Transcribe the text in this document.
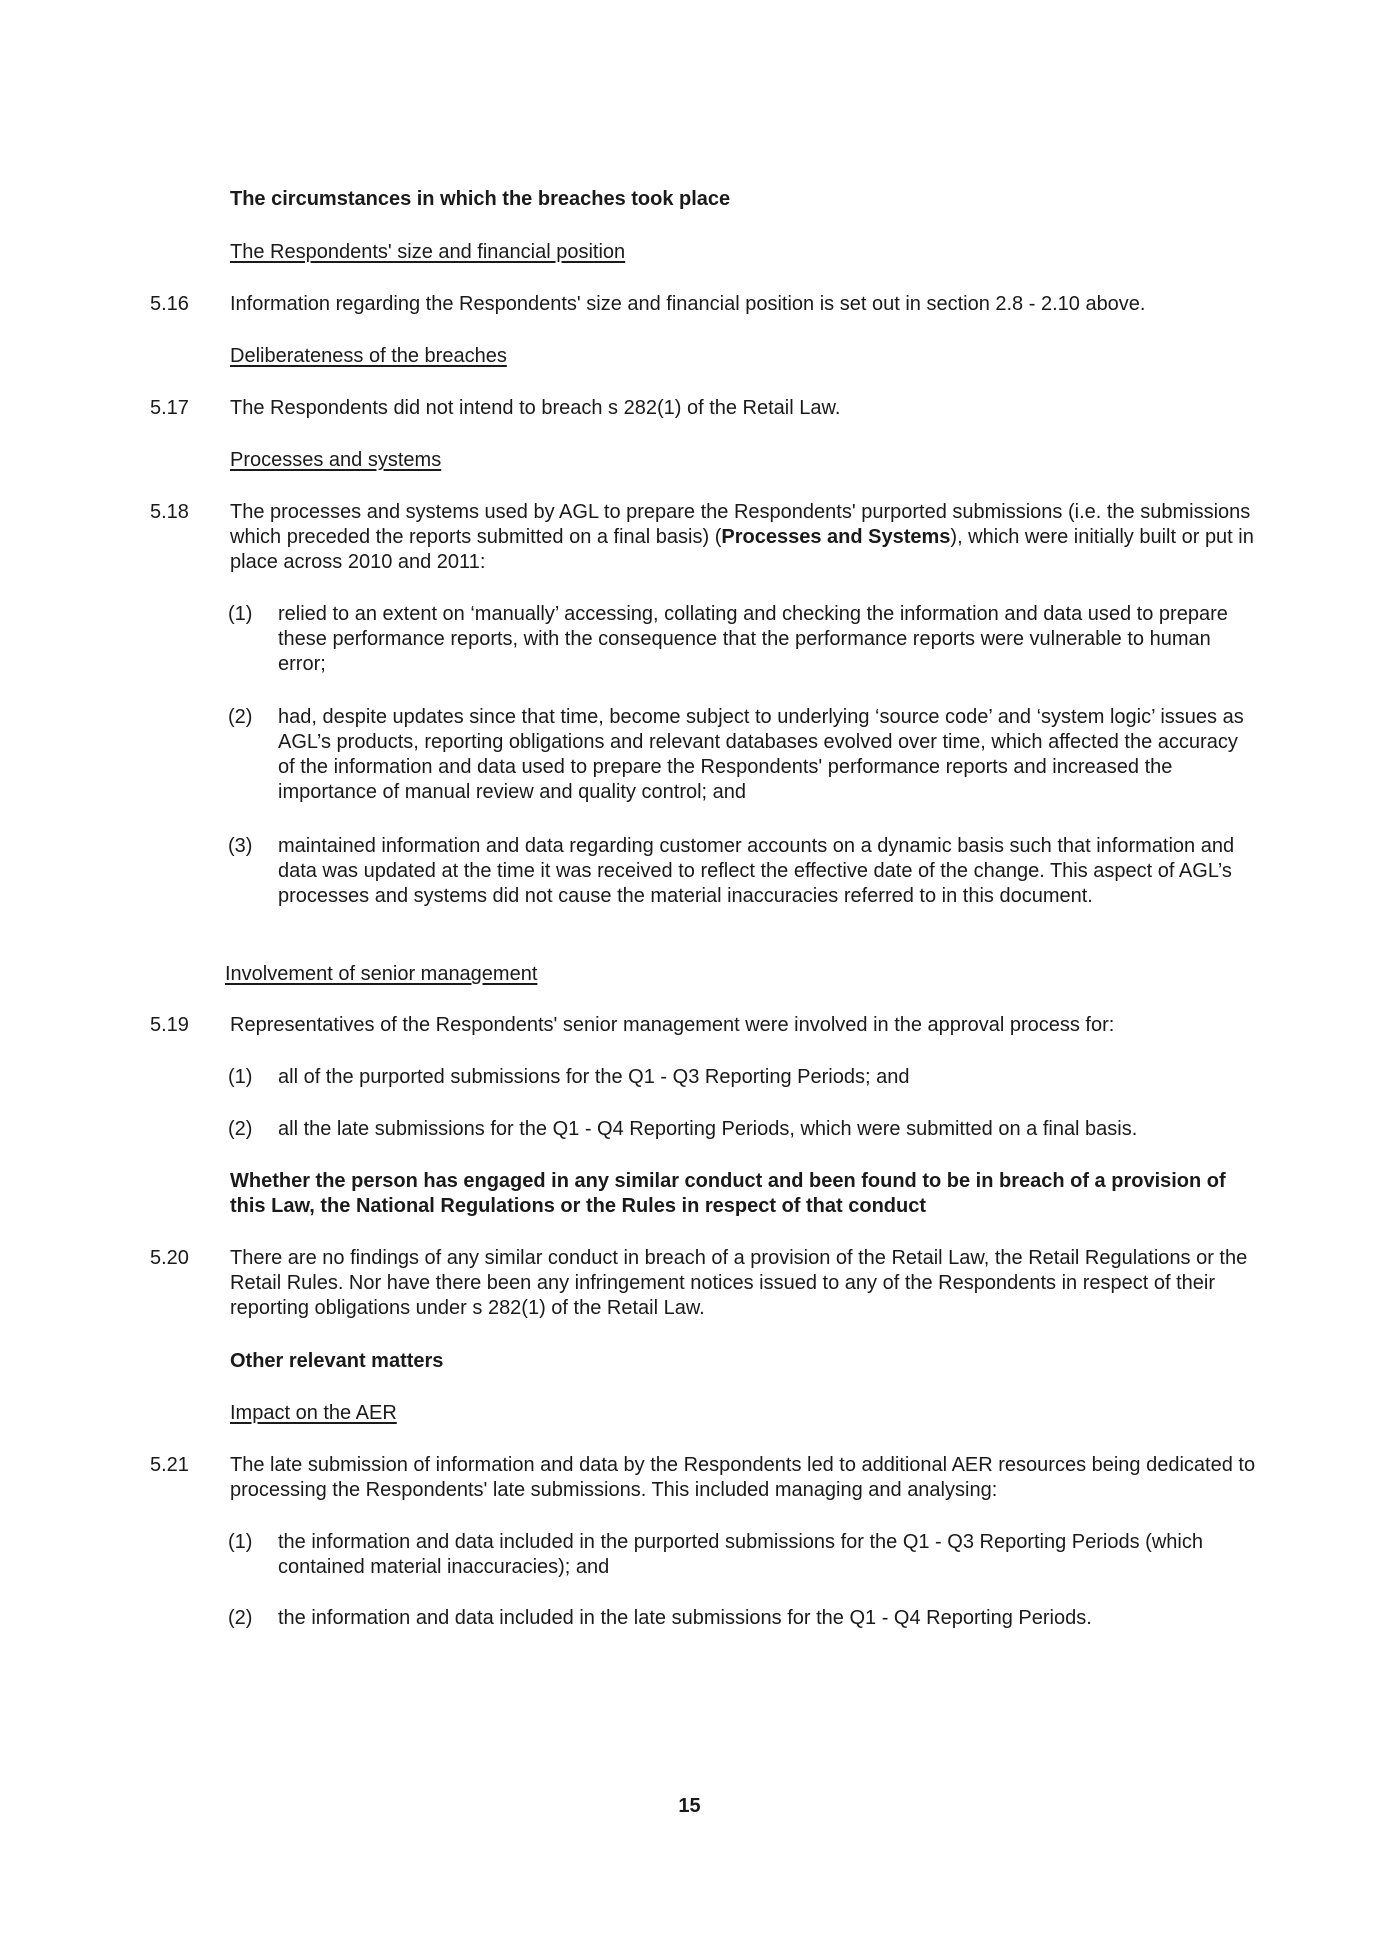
The circumstances in which the breaches took place
The Respondents' size and financial position
5.16 Information regarding the Respondents' size and financial position is set out in section 2.8 - 2.10 above.
Deliberateness of the breaches
5.17 The Respondents did not intend to breach s 282(1) of the Retail Law.
Processes and systems
5.18 The processes and systems used by AGL to prepare the Respondents' purported submissions (i.e. the submissions which preceded the reports submitted on a final basis) (Processes and Systems), which were initially built or put in place across 2010 and 2011:
(1) relied to an extent on ‘manually’ accessing, collating and checking the information and data used to prepare these performance reports, with the consequence that the performance reports were vulnerable to human error;
(2) had, despite updates since that time, become subject to underlying ‘source code’ and ‘system logic’ issues as AGL’s products, reporting obligations and relevant databases evolved over time, which affected the accuracy of the information and data used to prepare the Respondents' performance reports and increased the importance of manual review and quality control; and
(3) maintained information and data regarding customer accounts on a dynamic basis such that information and data was updated at the time it was received to reflect the effective date of the change. This aspect of AGL’s processes and systems did not cause the material inaccuracies referred to in this document.
Involvement of senior management
5.19 Representatives of the Respondents' senior management were involved in the approval process for:
(1) all of the purported submissions for the Q1 - Q3 Reporting Periods; and
(2) all the late submissions for the Q1 - Q4 Reporting Periods, which were submitted on a final basis.
Whether the person has engaged in any similar conduct and been found to be in breach of a provision of this Law, the National Regulations or the Rules in respect of that conduct
5.20 There are no findings of any similar conduct in breach of a provision of the Retail Law, the Retail Regulations or the Retail Rules. Nor have there been any infringement notices issued to any of the Respondents in respect of their reporting obligations under s 282(1) of the Retail Law.
Other relevant matters
Impact on the AER
5.21 The late submission of information and data by the Respondents led to additional AER resources being dedicated to processing the Respondents' late submissions. This included managing and analysing:
(1) the information and data included in the purported submissions for the Q1 - Q3 Reporting Periods (which contained material inaccuracies); and
(2) the information and data included in the late submissions for the Q1 - Q4 Reporting Periods.
15
